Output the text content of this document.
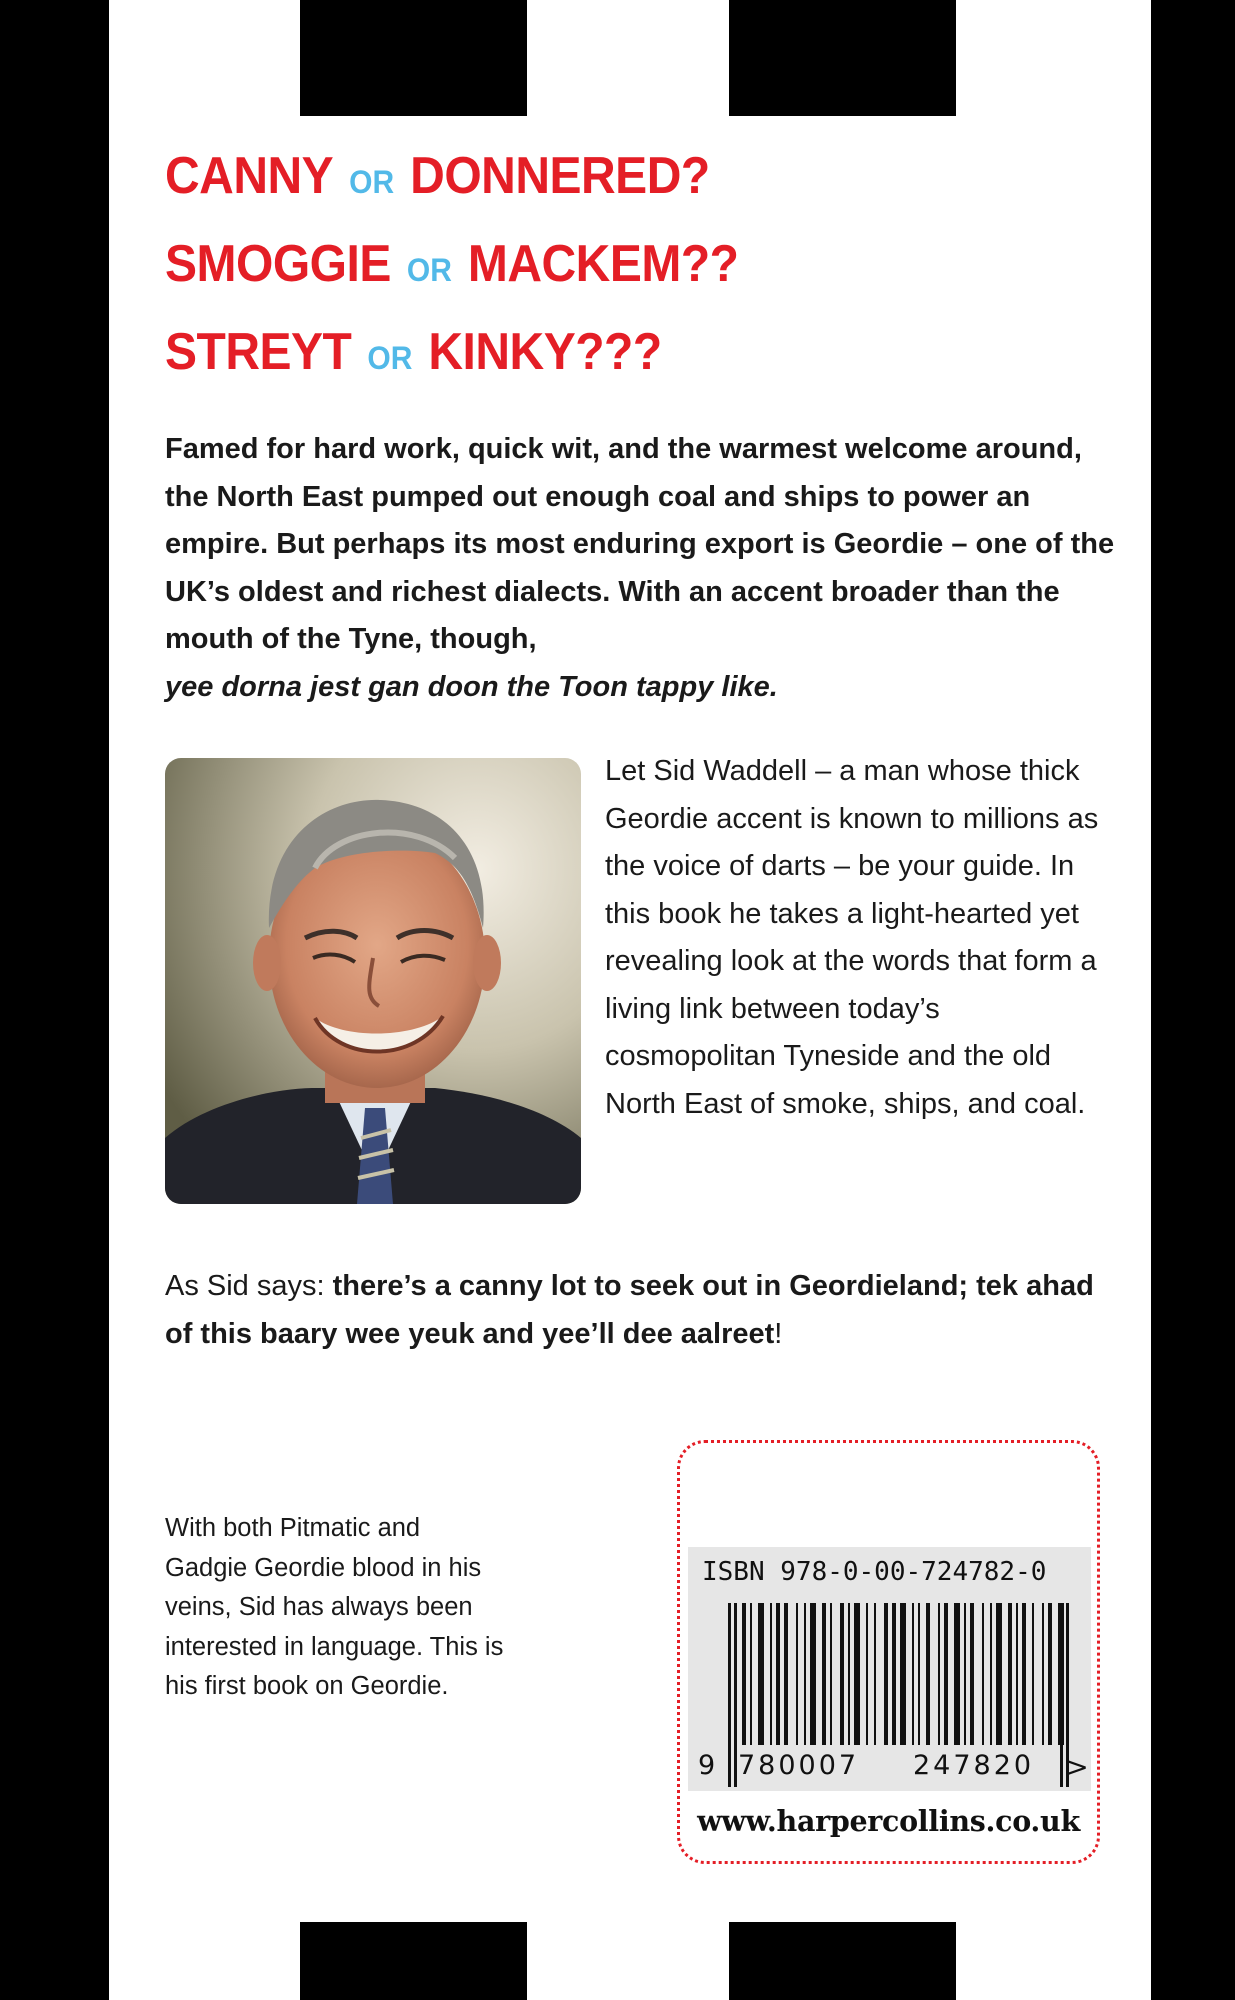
CANNY OR DONNERED?
SMOGGIE OR MACKEM??
STREYT OR KINKY???

Famed for hard work, quick wit, and the warmest welcome around, the North East pumped out enough coal and ships to power an empire. But perhaps its most enduring export is Geordie – one of the UK’s oldest and richest dialects. With an accent broader than the mouth of the Tyne, though,
yee dorna jest gan doon the Toon tappy like.

Let Sid Waddell – a man whose thick Geordie accent is known to millions as the voice of darts – be your guide. In this book he takes a light-hearted yet revealing look at the words that form a living link between today’s cosmopolitan Tyneside and the old North East of smoke, ships, and coal.

As Sid says: there’s a canny lot to seek out in Geordieland; tek ahad of this baary wee yeuk and yee’ll dee aalreet!

With both Pitmatic and Gadgie Geordie blood in his veins, Sid has always been interested in language. This is his first book on Geordie.

ISBN 978-0-00-724782-0

9 780007 247820 >

www.harpercollins.co.uk
